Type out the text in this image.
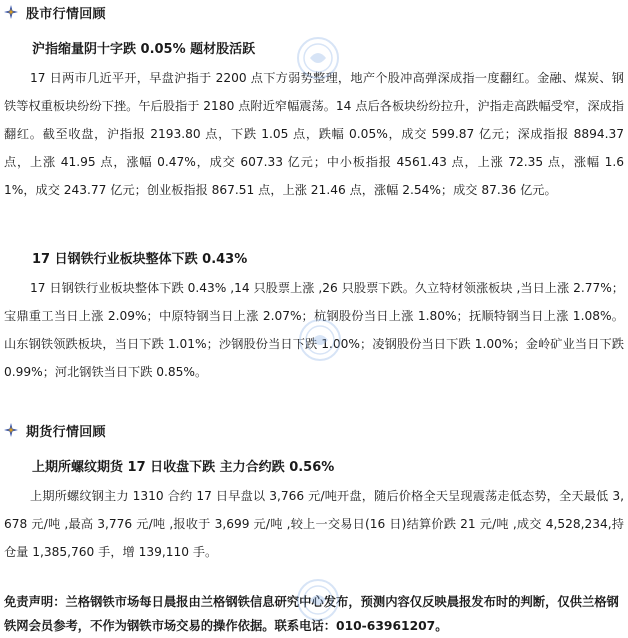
股市行情回顾
沪指缩量阴十字跌 0.05% 题材股活跃

17 日两市几近平开，早盘沪指于 2200 点下方弱势整理，地产个股冲高弹深成指一度翻红。金融、煤炭、钢铁等权重板块纷纷下挫。午后股指于 2180 点附近窄幅震荡。14 点后各板块纷纷拉升，沪指走高跌幅受窄，深成指翻红。截至收盘，沪指报 2193.80 点，下跌 1.05 点，跌幅 0.05%，成交 599.87 亿元；深成指报 8894.37 点，上涨 41.95 点，涨幅 0.47%，成交 607.33 亿元；中小板指报 4561.43 点，上涨 72.35 点，涨幅 1.61%，成交 243.77 亿元；创业板指报 867.51 点，上涨 21.46 点，涨幅 2.54%；成交 87.36 亿元。

17 日钢铁行业板块整体下跌 0.43%

17 日钢铁行业板块整体下跌 0.43% ,14 只股票上涨 ,26 只股票下跌。久立特材领涨板块 ,当日上涨 2.77%；宝鼎重工当日上涨 2.09%；中原特钢当日上涨 2.07%；杭钢股份当日上涨 1.80%；抚顺特钢当日上涨 1.08%。山东钢铁领跌板块，当日下跌 1.01%；沙钢股份当日下跌 1.00%；凌钢股份当日下跌 1.00%；金岭矿业当日下跌 0.99%；河北钢铁当日下跌 0.85%。

期货行情回顾
上期所螺纹期货 17 日收盘下跌 主力合约跌 0.56%

上期所螺纹钢主力 1310 合约 17 日早盘以 3,766 元/吨开盘，随后价格全天呈现震荡走低态势，全天最低 3,678 元/吨 ,最高 3,776 元/吨 ,报收于 3,699 元/吨 ,较上一交易日(16 日)结算价跌 21 元/吨 ,成交 4,528,234,持仓量 1,385,760 手，增 139,110 手。

免责声明：兰格钢铁市场每日晨报由兰格钢铁信息研究中心发布，预测内容仅反映晨报发布时的判断，仅供兰格钢铁网会员参考，不作为钢铁市场交易的操作依据。联系电话：010-63961207。
